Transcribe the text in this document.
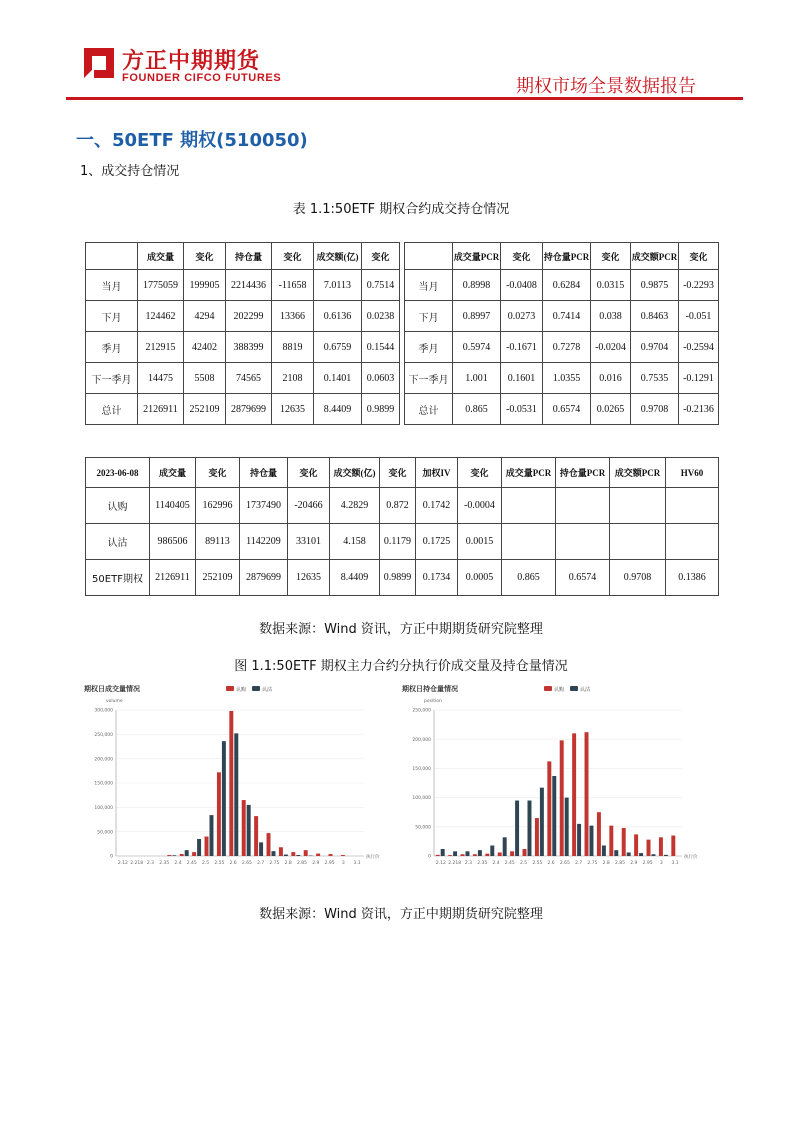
方正中期期货
FOUNDER CIFCO FUTURES	期权市场全景数据报告
一、50ETF 期权(510050)
1、成交持仓情况
表 1.1:50ETF 期权合约成交持仓情况
	成交量	变化	持仓量	变化	成交额(亿)	变化
当月	1775059	199905	2214436	-11658	7.0113	0.7514
下月	124462	4294	202299	13366	0.6136	0.0238
季月	212915	42402	388399	8819	0.6759	0.1544
下一季月	14475	5508	74565	2108	0.1401	0.0603
总计	2126911	252109	2879699	12635	8.4409	0.9899
	成交量PCR	变化	持仓量PCR	变化	成交额PCR	变化
当月	0.8998	-0.0408	0.6284	0.0315	0.9875	-0.2293
下月	0.8997	0.0273	0.7414	0.038	0.8463	-0.051
季月	0.5974	-0.1671	0.7278	-0.0204	0.9704	-0.2594
下一季月	1.001	0.1601	1.0355	0.016	0.7535	-0.1291
总计	0.865	-0.0531	0.6574	0.0265	0.9708	-0.2136
2023-06-08	成交量	变化	持仓量	变化	成交额(亿)	变化	加权IV	变化	成交量PCR	持仓量PCR	成交额PCR	HV60
认购	1140405	162996	1737490	-20466	4.2829	0.872	0.1742	-0.0004				
认沽	986506	89113	1142209	33101	4.158	0.1179	0.1725	0.0015				
50ETF期权	2126911	252109	2879699	12635	8.4409	0.9899	0.1734	0.0005	0.865	0.6574	0.9708	0.1386
数据来源：Wind 资讯，方正中期期货研究院整理
图 1.1:50ETF 期权主力合约分执行价成交量及持仓量情况
期权日成交量情况
volume
认购	认沽
0
50,000
100,000
150,000
200,000
250,000
300,000
2.12 2.218 2.3 2.35 2.4 2.45 2.5 2.55 2.6 2.65 2.7 2.75 2.8 2.85 2.9 2.95 3 3.1
执行价
期权日持仓量情况
position
认购	认沽
0
50,000
100,000
150,000
200,000
250,000
2.12 2.218 2.3 2.35 2.4 2.45 2.5 2.55 2.6 2.65 2.7 2.75 2.8 2.85 2.9 2.95 3 3.1
执行价
数据来源：Wind 资讯，方正中期期货研究院整理
